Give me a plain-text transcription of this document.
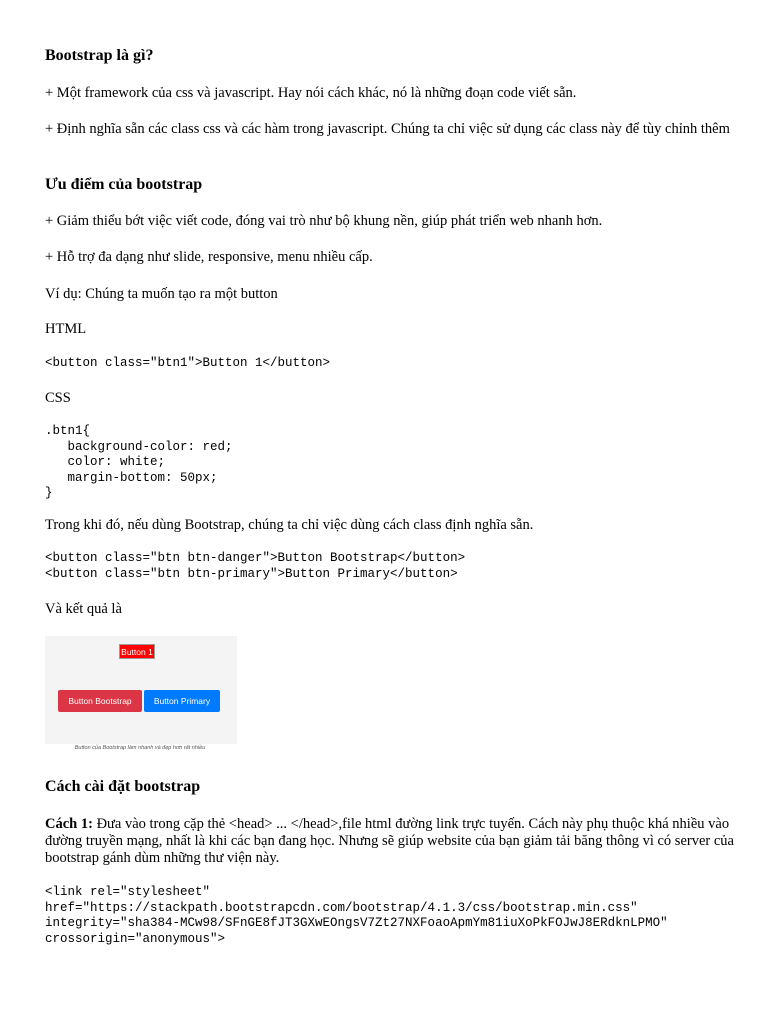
Bootstrap là gì?

+ Một framework của css và javascript. Hay nói cách khác, nó là những đoạn code viết sẵn.

+ Định nghĩa sẵn các class css và các hàm trong javascript. Chúng ta chỉ việc sử dụng các class này để tùy chỉnh thêm

Ưu điểm của bootstrap

+ Giảm thiểu bớt việc viết code, đóng vai trò như bộ khung nền, giúp phát triển web nhanh hơn.

+ Hỗ trợ đa dạng như slide, responsive, menu nhiều cấp.

Ví dụ: Chúng ta muốn tạo ra một button

HTML

<button class="btn1">Button 1</button>

CSS

.btn1{
background-color: red;
color: white;
margin-bottom: 50px;
}

Trong khi đó, nếu dùng Bootstrap, chúng ta chỉ việc dùng cách class định nghĩa sẵn.

<button class="btn btn-danger">Button Bootstrap</button>
<button class="btn btn-primary">Button Primary</button>

Và kết quả là

Button 1
Button Bootstrap	Button Primary
Button của Bootstrap làm nhanh và đẹp hơn rất nhiều
Cách cài đặt bootstrap

Cách 1: Đưa vào trong cặp thẻ <head> ... </head>,file html đường link trực tuyến. Cách này phụ thuộc khá nhiều vào đường truyền mạng, nhất là khi các bạn đang học. Nhưng sẽ giúp website của bạn giảm tải băng thông vì có server của bootstrap gánh dùm những thư viện này.

<link rel="stylesheet"
href="https://stackpath.bootstrapcdn.com/bootstrap/4.1.3/css/bootstrap.min.css"
integrity="sha384-MCw98/SFnGE8fJT3GXwEOngsV7Zt27NXFoaoApmYm81iuXoPkFOJwJ8ERdknLPMO"
crossorigin="anonymous">
